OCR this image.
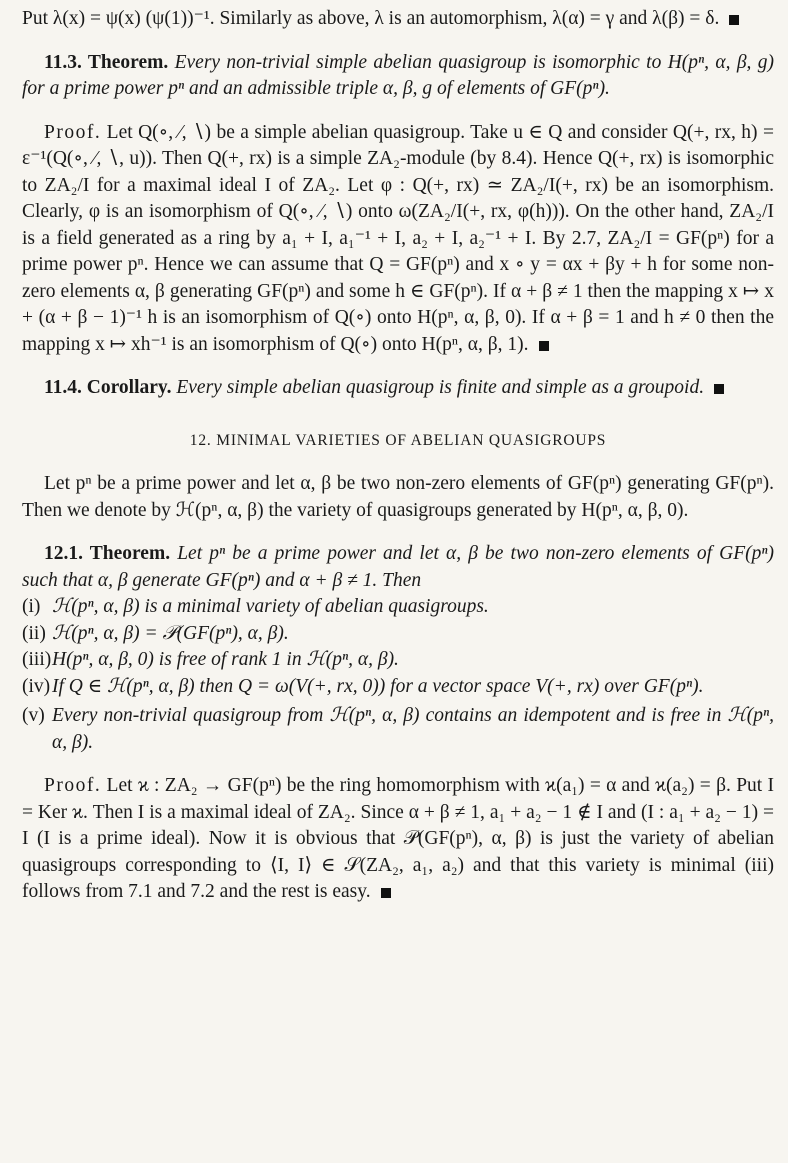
Put λ(x) = ψ(x) (ψ(1))⁻¹. Similarly as above, λ is an automorphism, λ(α) = γ and λ(β) = δ.

11.3. Theorem. Every non-trivial simple abelian quasigroup is isomorphic to H(pⁿ, α, β, g) for a prime power pⁿ and an admissible triple α, β, g of elements of GF(pⁿ).

Proof. Let Q(∘, ⁄, ∖) be a simple abelian quasigroup. Take u ∈ Q and consider Q(+, rx, h) = ε⁻¹(Q(∘, ⁄, ∖, u)). Then Q(+, rx) is a simple ZA₂-module (by 8.4). Hence Q(+, rx) is isomorphic to ZA₂/I for a maximal ideal I of ZA₂. Let φ : Q(+, rx) ≃ ZA₂/I(+, rx) be an isomorphism. Clearly, φ is an isomorphism of Q(∘, ⁄, ∖) onto ω(ZA₂/I(+, rx, φ(h))). On the other hand, ZA₂/I is a field generated as a ring by a₁ + I, a₁⁻¹ + I, a₂ + I, a₂⁻¹ + I. By 2.7, ZA₂/I = GF(pⁿ) for a prime power pⁿ. Hence we can assume that Q = GF(pⁿ) and x ∘ y = αx + βy + h for some non-zero elements α, β generating GF(pⁿ) and some h ∈ GF(pⁿ). If α + β ≠ 1 then the mapping x ↦ x + (α + β − 1)⁻¹ h is an isomorphism of Q(∘) onto H(pⁿ, α, β, 0). If α + β = 1 and h ≠ 0 then the mapping x ↦ xh⁻¹ is an isomorphism of Q(∘) onto H(pⁿ, α, β, 1).

11.4. Corollary. Every simple abelian quasigroup is finite and simple as a groupoid.

12. MINIMAL VARIETIES OF ABELIAN QUASIGROUPS

Let pⁿ be a prime power and let α, β be two non-zero elements of GF(pⁿ) generating GF(pⁿ). Then we denote by ℋ(pⁿ, α, β) the variety of quasigroups generated by H(pⁿ, α, β, 0).

12.1. Theorem. Let pⁿ be a prime power and let α, β be two non-zero elements of GF(pⁿ) such that α, β generate GF(pⁿ) and α + β ≠ 1. Then

(i) ℋ(pⁿ, α, β) is a minimal variety of abelian quasigroups.
(ii) ℋ(pⁿ, α, β) = 𝒫(GF(pⁿ), α, β).
(iii) H(pⁿ, α, β, 0) is free of rank 1 in ℋ(pⁿ, α, β).
(iv) If Q ∈ ℋ(pⁿ, α, β) then Q = ω(V(+, rx, 0)) for a vector space V(+, rx) over GF(pⁿ).
(v) Every non-trivial quasigroup from ℋ(pⁿ, α, β) contains an idempotent and is free in ℋ(pⁿ, α, β).

Proof. Let ϰ : ZA₂ → GF(pⁿ) be the ring homomorphism with ϰ(a₁) = α and ϰ(a₂) = β. Put I = Ker ϰ. Then I is a maximal ideal of ZA₂. Since α + β ≠ 1, a₁ + a₂ − 1 ∉ I and (I : a₁ + a₂ − 1) = I (I is a prime ideal). Now it is obvious that 𝒫(GF(pⁿ), α, β) is just the variety of abelian quasigroups corresponding to ⟨I, I⟩ ∈ 𝒮(ZA₂, a₁, a₂) and that this variety is minimal (iii) follows from 7.1 and 7.2 and the rest is easy.
